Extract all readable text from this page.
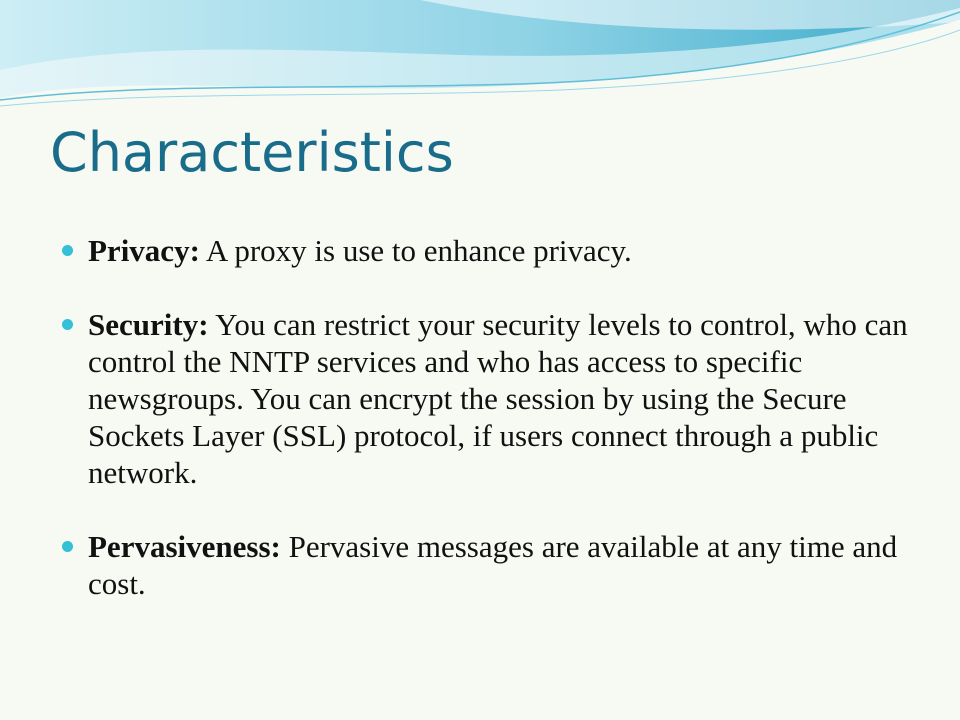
Characteristics
Privacy: A proxy is use to enhance privacy.
Security: You can restrict your security levels to control, who can control the NNTP services and who has access to specific newsgroups. You can encrypt the session by using the Secure Sockets Layer (SSL) protocol, if users connect through a public network.
Pervasiveness: Pervasive messages are available at any time and cost.
